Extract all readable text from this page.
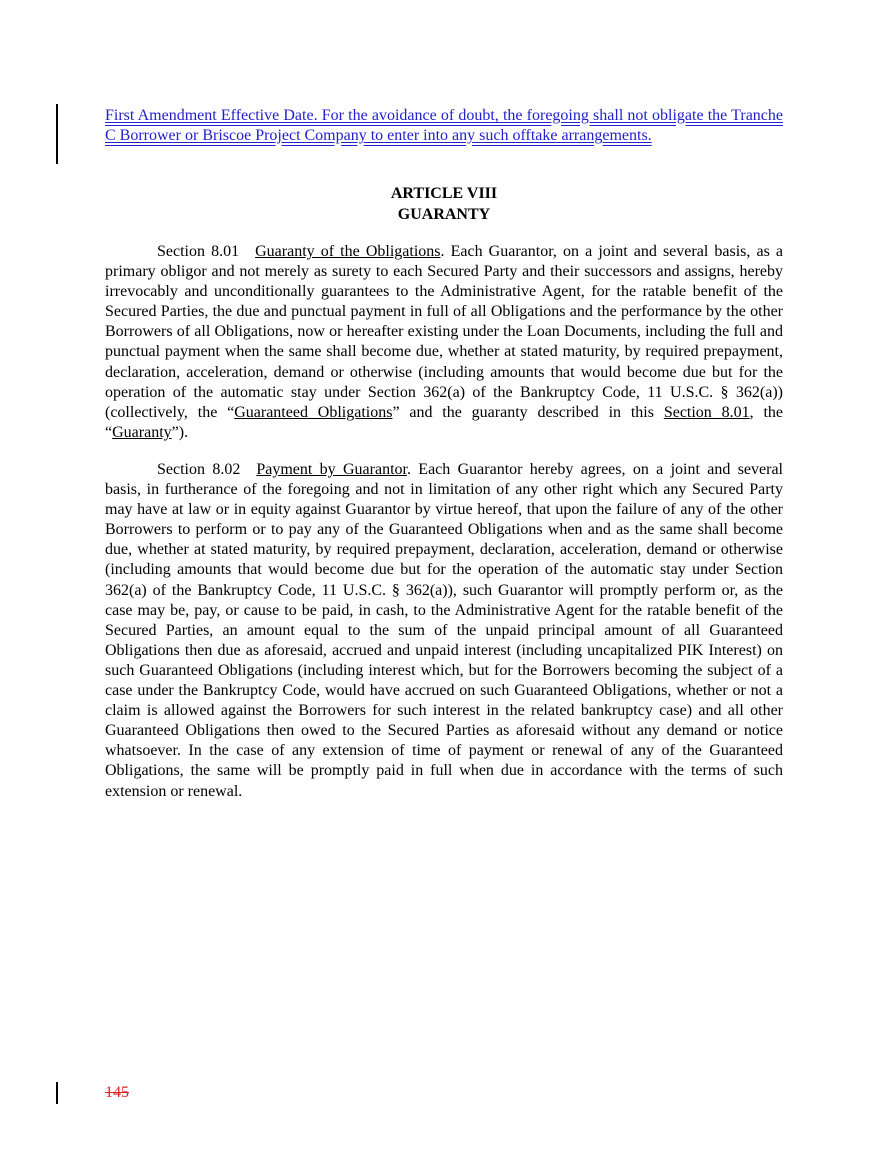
First Amendment Effective Date. For the avoidance of doubt, the foregoing shall not obligate the Tranche C Borrower or Briscoe Project Company to enter into any such offtake arrangements.

ARTICLE VIII
GUARANTY

Section 8.01 Guaranty of the Obligations. Each Guarantor, on a joint and several basis, as a primary obligor and not merely as surety to each Secured Party and their successors and assigns, hereby irrevocably and unconditionally guarantees to the Administrative Agent, for the ratable benefit of the Secured Parties, the due and punctual payment in full of all Obligations and the performance by the other Borrowers of all Obligations, now or hereafter existing under the Loan Documents, including the full and punctual payment when the same shall become due, whether at stated maturity, by required prepayment, declaration, acceleration, demand or otherwise (including amounts that would become due but for the operation of the automatic stay under Section 362(a) of the Bankruptcy Code, 11 U.S.C. § 362(a)) (collectively, the “Guaranteed Obligations” and the guaranty described in this Section 8.01, the “Guaranty”).

Section 8.02 Payment by Guarantor. Each Guarantor hereby agrees, on a joint and several basis, in furtherance of the foregoing and not in limitation of any other right which any Secured Party may have at law or in equity against Guarantor by virtue hereof, that upon the failure of any of the other Borrowers to perform or to pay any of the Guaranteed Obligations when and as the same shall become due, whether at stated maturity, by required prepayment, declaration, acceleration, demand or otherwise (including amounts that would become due but for the operation of the automatic stay under Section 362(a) of the Bankruptcy Code, 11 U.S.C. § 362(a)), such Guarantor will promptly perform or, as the case may be, pay, or cause to be paid, in cash, to the Administrative Agent for the ratable benefit of the Secured Parties, an amount equal to the sum of the unpaid principal amount of all Guaranteed Obligations then due as aforesaid, accrued and unpaid interest (including uncapitalized PIK Interest) on such Guaranteed Obligations (including interest which, but for the Borrowers becoming the subject of a case under the Bankruptcy Code, would have accrued on such Guaranteed Obligations, whether or not a claim is allowed against the Borrowers for such interest in the related bankruptcy case) and all other Guaranteed Obligations then owed to the Secured Parties as aforesaid without any demand or notice whatsoever. In the case of any extension of time of payment or renewal of any of the Guaranteed Obligations, the same will be promptly paid in full when due in accordance with the terms of such extension or renewal.

145
